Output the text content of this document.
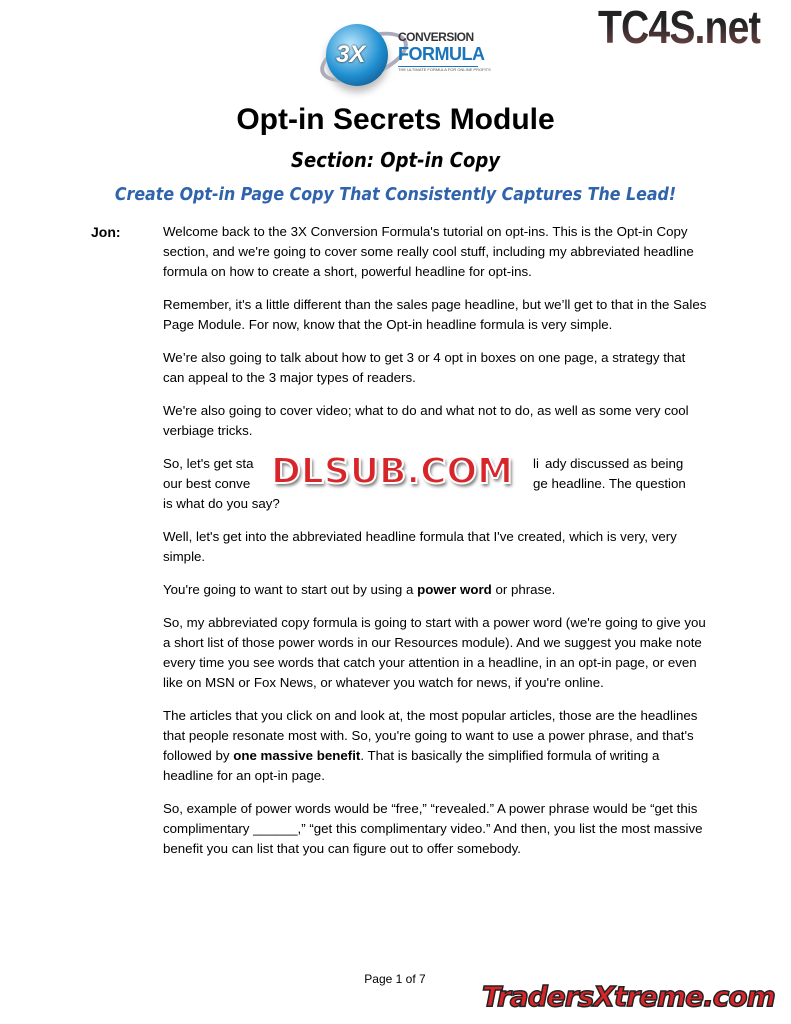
3X
CONVERSION
FORMULA
THE ULTIMATE FORMULA FOR ONLINE PROFITS
TC4S.net
Opt-in Secrets Module
Section: Opt-in Copy
Create Opt-in Page Copy That Consistently Captures The Lead!
Jon:	Welcome back to the 3X Conversion Formula's tutorial on opt-ins. This is the Opt-in Copy section, and we're going to cover some really cool stuff, including my abbreviated headline formula on how to create a short, powerful headline for opt-ins.

Remember, it's a little different than the sales page headline, but we’ll get to that in the Sales Page Module. For now, know that the Opt-in headline formula is very simple.

We’re also going to talk about how to get 3 or 4 opt in boxes on one page, a strategy that can appeal to the 3 major types of readers.

We're also going to cover video; what to do and what not to do, as well as some very cool verbiage tricks.

So, let's get sta	li ady discussed as being
our best conve	ge headline. The question
is what do you say?
DLSUB.COM

Well, let's get into the abbreviated headline formula that I've created, which is very, very simple.

You're going to want to start out by using a power word or phrase.

So, my abbreviated copy formula is going to start with a power word (we're going to give you a short list of those power words in our Resources module). And we suggest you make note every time you see words that catch your attention in a headline, in an opt-in page, or even like on MSN or Fox News, or whatever you watch for news, if you're online.

The articles that you click on and look at, the most popular articles, those are the headlines that people resonate most with. So, you're going to want to use a power phrase, and that's followed by one massive benefit. That is basically the simplified formula of writing a headline for an opt-in page.

So, example of power words would be “free,” “revealed.” A power phrase would be “get this complimentary ______,” “get this complimentary video.” And then, you list the most massive benefit you can list that you can figure out to offer somebody.

Page 1 of 7
TradersXtreme.com
